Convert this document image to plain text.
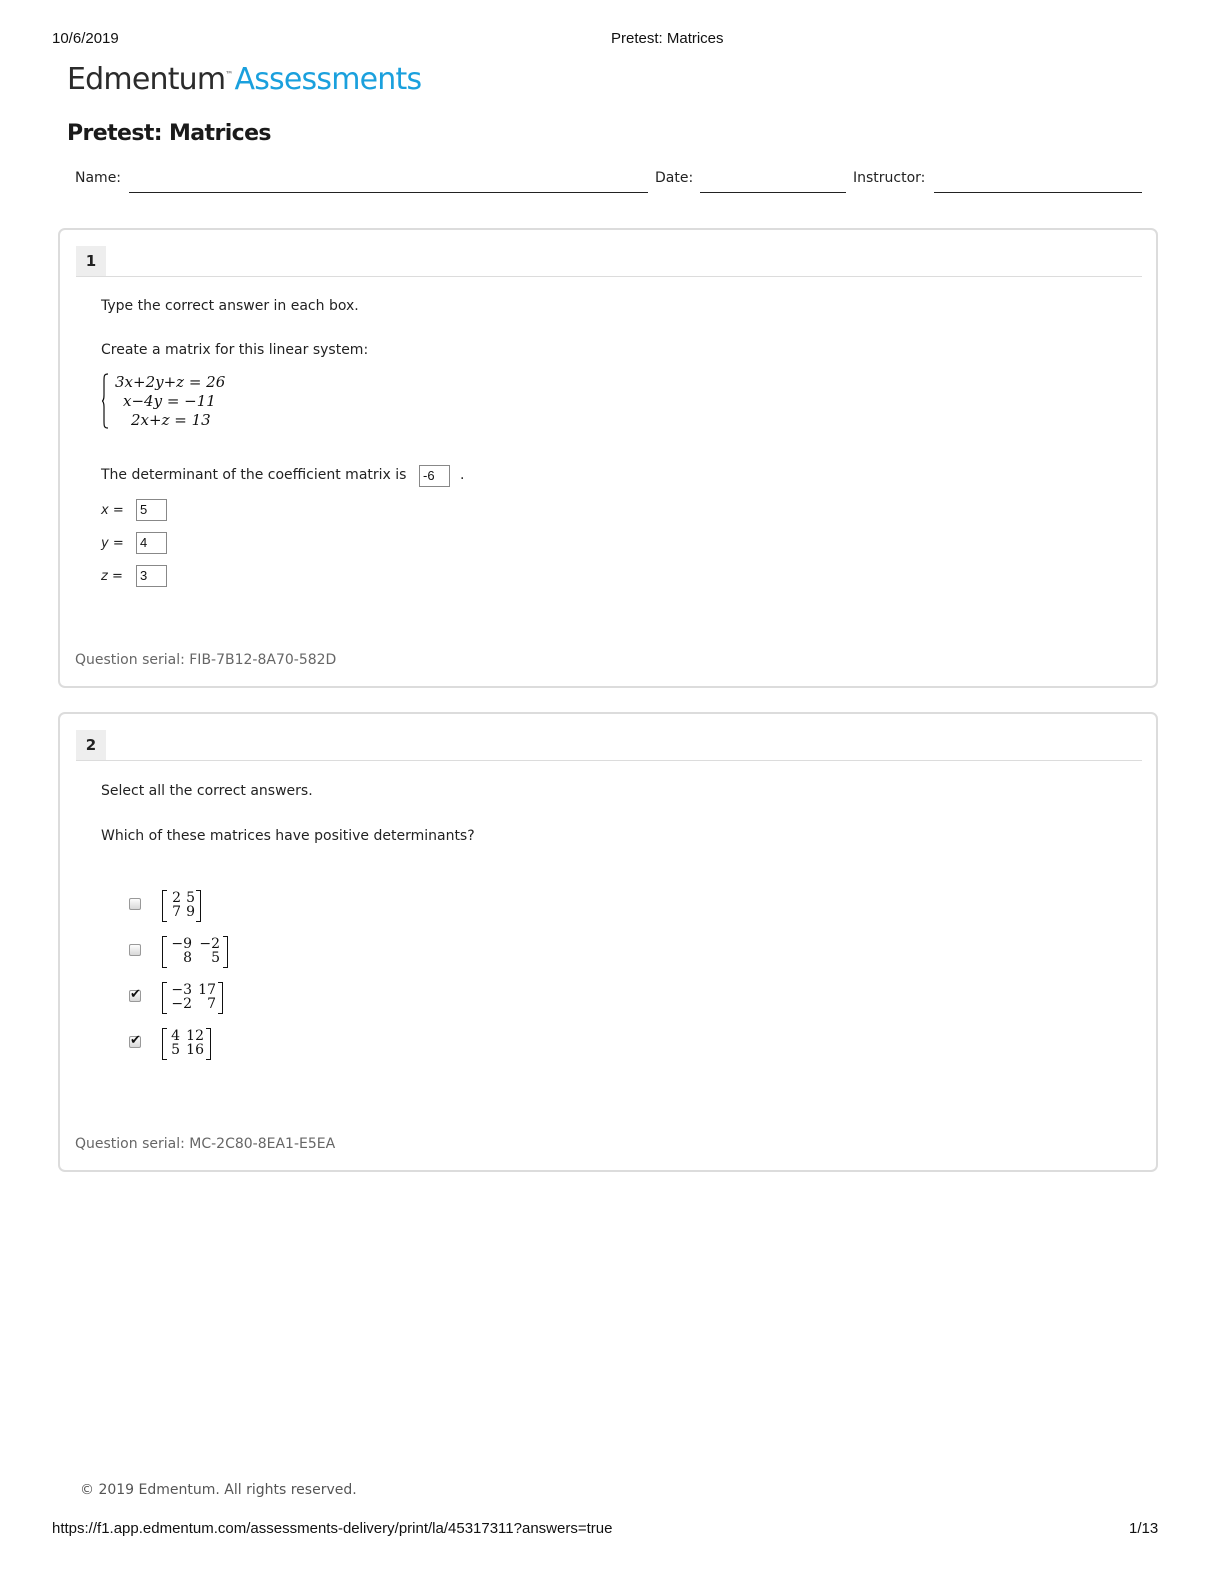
10/6/2019	Pretest: Matrices
Edmentum™Assessments
Pretest: Matrices
Name:	Date:	Instructor:
1
Type the correct answer in each box.
Create a matrix for this linear system:
3x+2y+z = 26
x−4y = −11
2x+z = 13
The determinant of the coefficient matrix is	-6	.
x =	5
y =	4
z =	3
Question serial: FIB-7B12-8A70-582D
2
Select all the correct answers.
Which of these matrices have positive determinants?
2 5
7 9
−9 −2
8	5
✔ −3 17
−2	7
✔ 4 12
5 16
Question serial: MC-2C80-8EA1-E5EA
© 2019 Edmentum. All rights reserved.
https://f1.app.edmentum.com/assessments-delivery/print/la/45317311?answers=true	1/13
